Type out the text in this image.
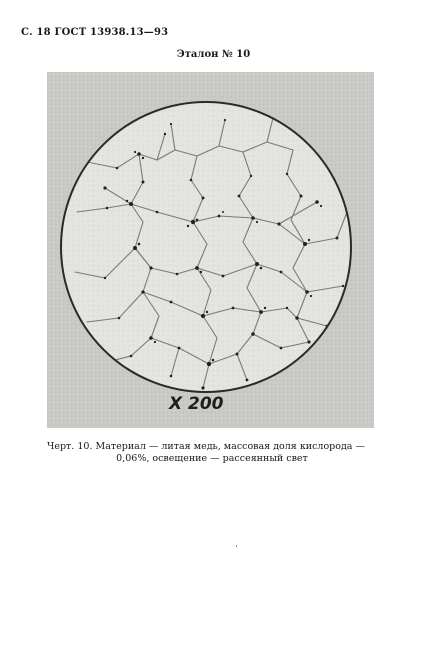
С. 18 ГОСТ 13938.13—93
Эталон № 10
X 200
Черт. 10. Материал — литая медь, массовая доля кислорода —
0,06%, освещение — рассеянный свет
